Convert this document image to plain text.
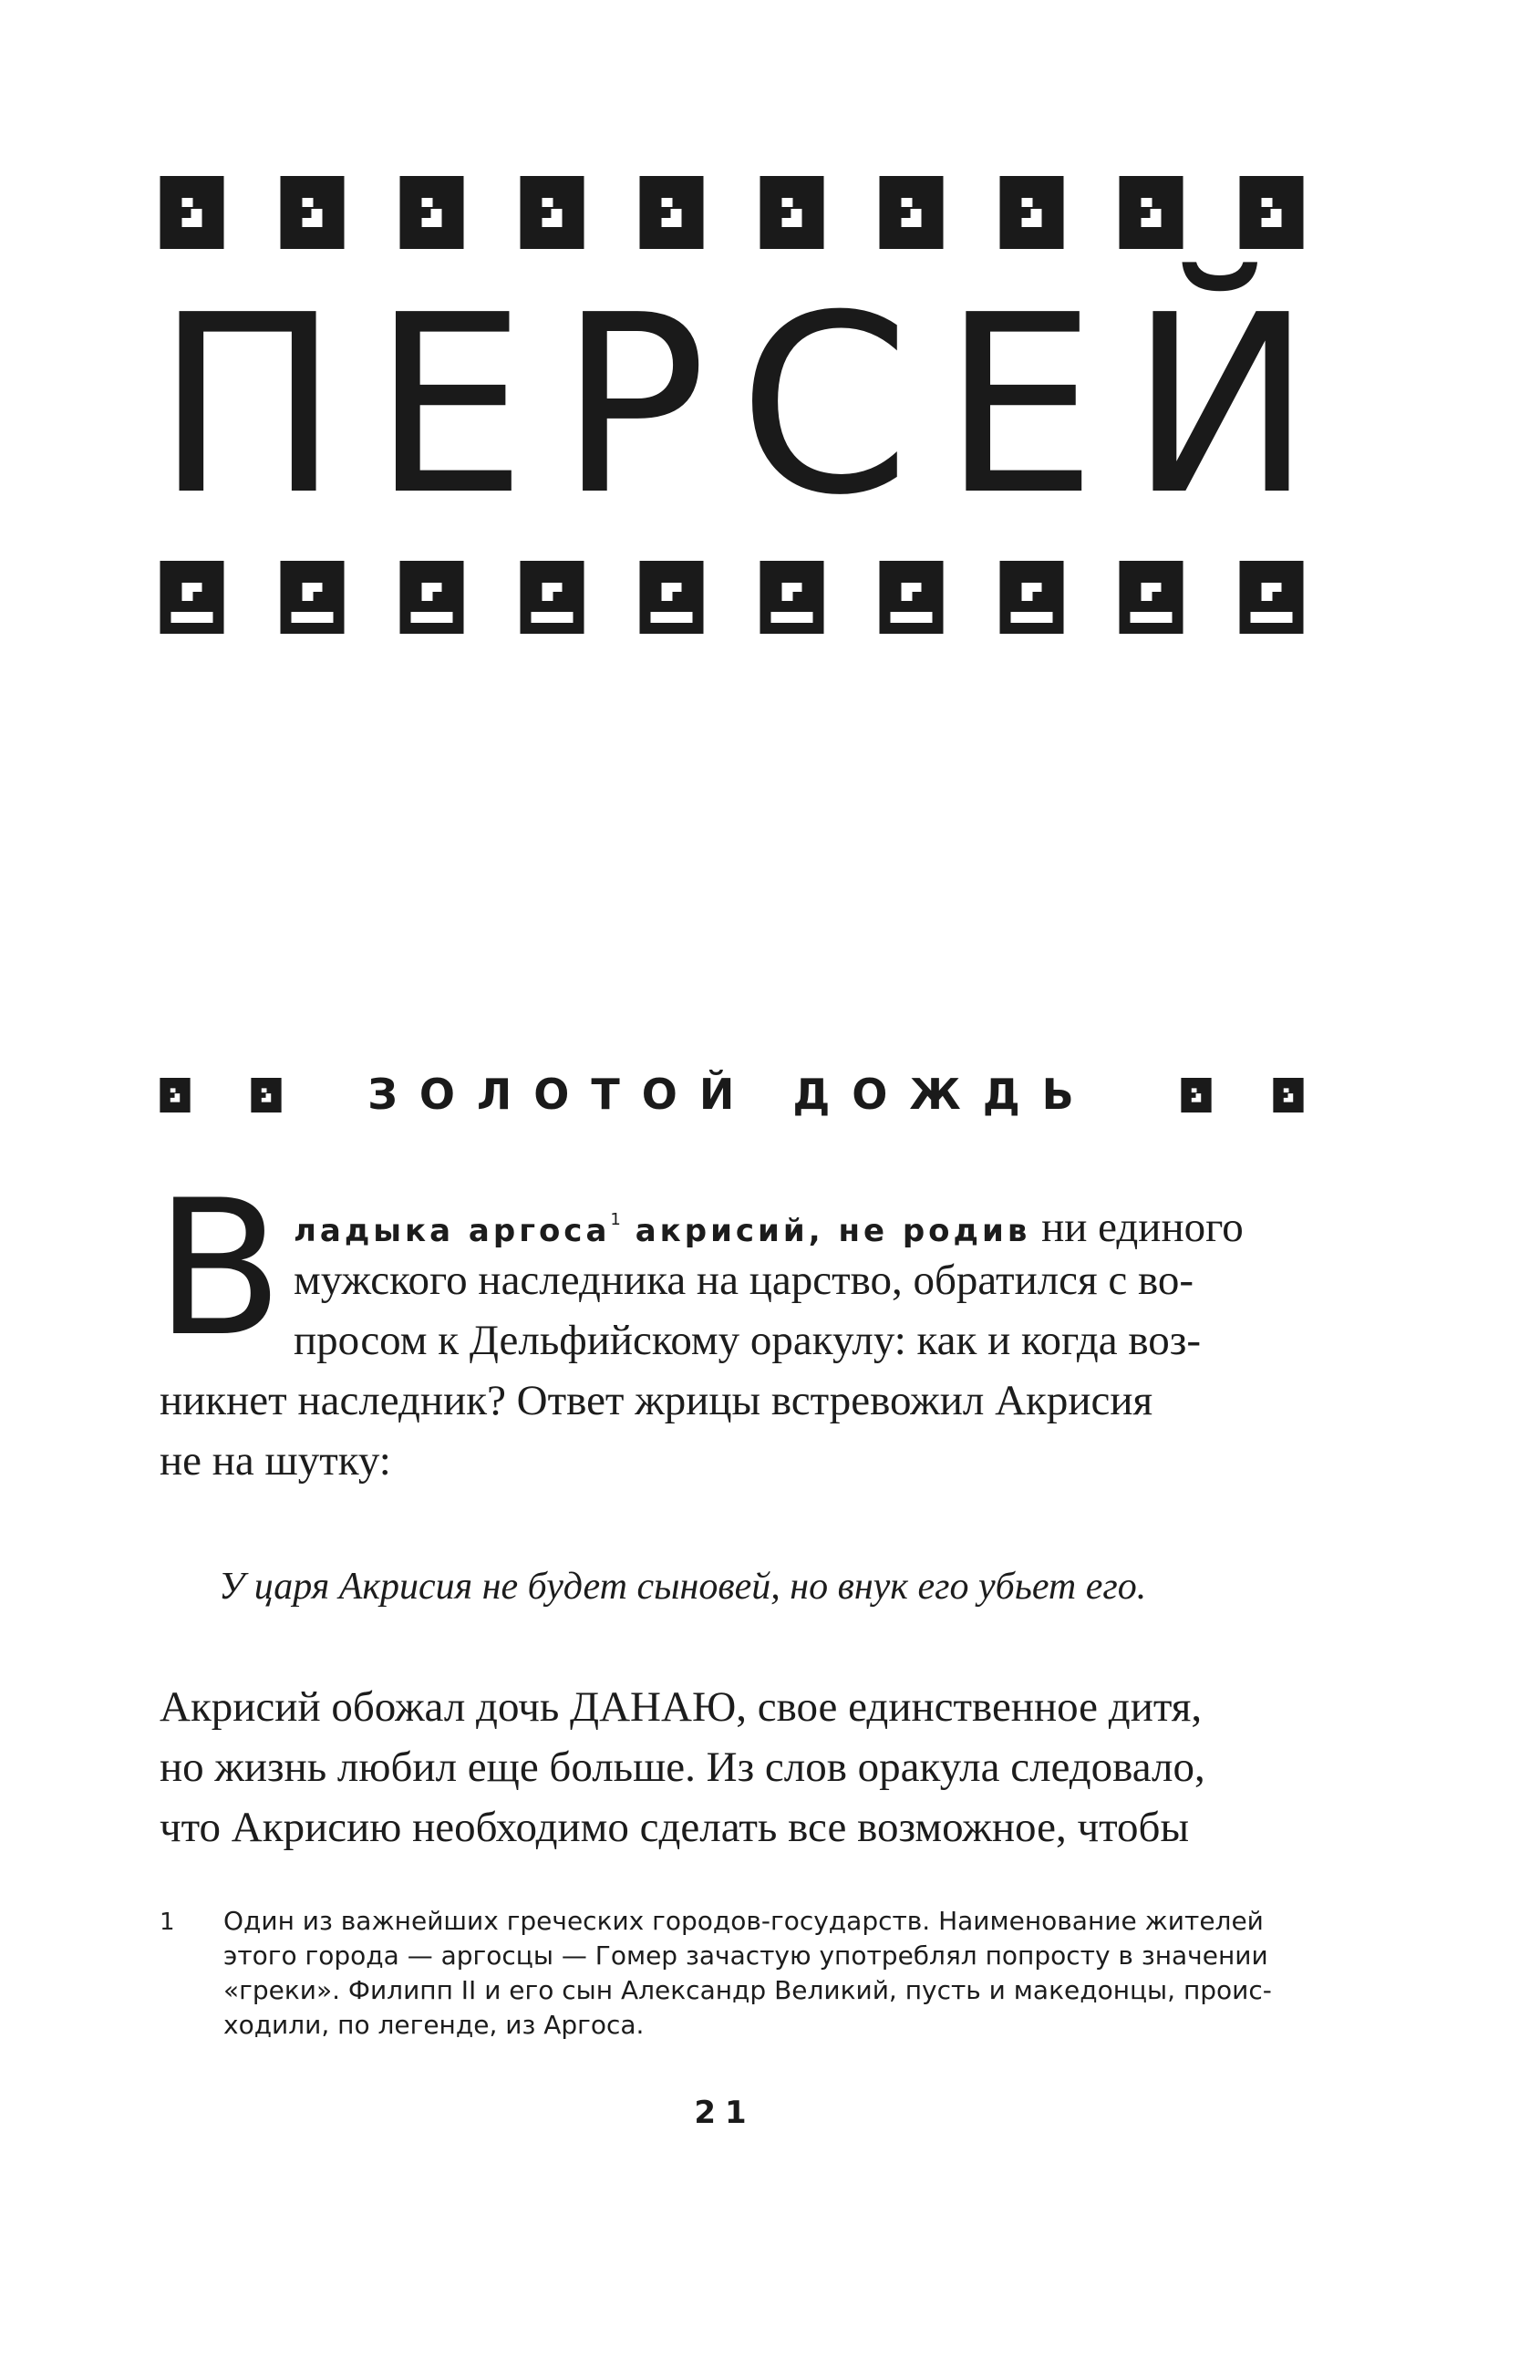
П Е Р С Е Й
ЗОЛОТОЙ ДОЖДЬ
В ладыка аргоса$^1$ акрисий, не родив ни единого
мужского наследника на царство, обратился с во-
просом к Дельфийскому оракулу: как и когда воз-
никнет наследник? Ответ жрицы встревожил Акрисия
не на шутку:
У царя Акрисия не будет сыновей, но внук его убьет его.
Акрисий обожал дочь ДАНАЮ, свое единственное дитя,
но жизнь любил еще больше. Из слов оракула следовало,
что Акрисию необходимо сделать все возможное, чтобы
1 Один из важнейших греческих городов-государств. Наименование жителей
этого города — аргосцы — Гомер зачастую употреблял попросту в значении
«греки». Филипп II и его сын Александр Великий, пусть и македонцы, проис-
ходили, по легенде, из Аргоса.
21
